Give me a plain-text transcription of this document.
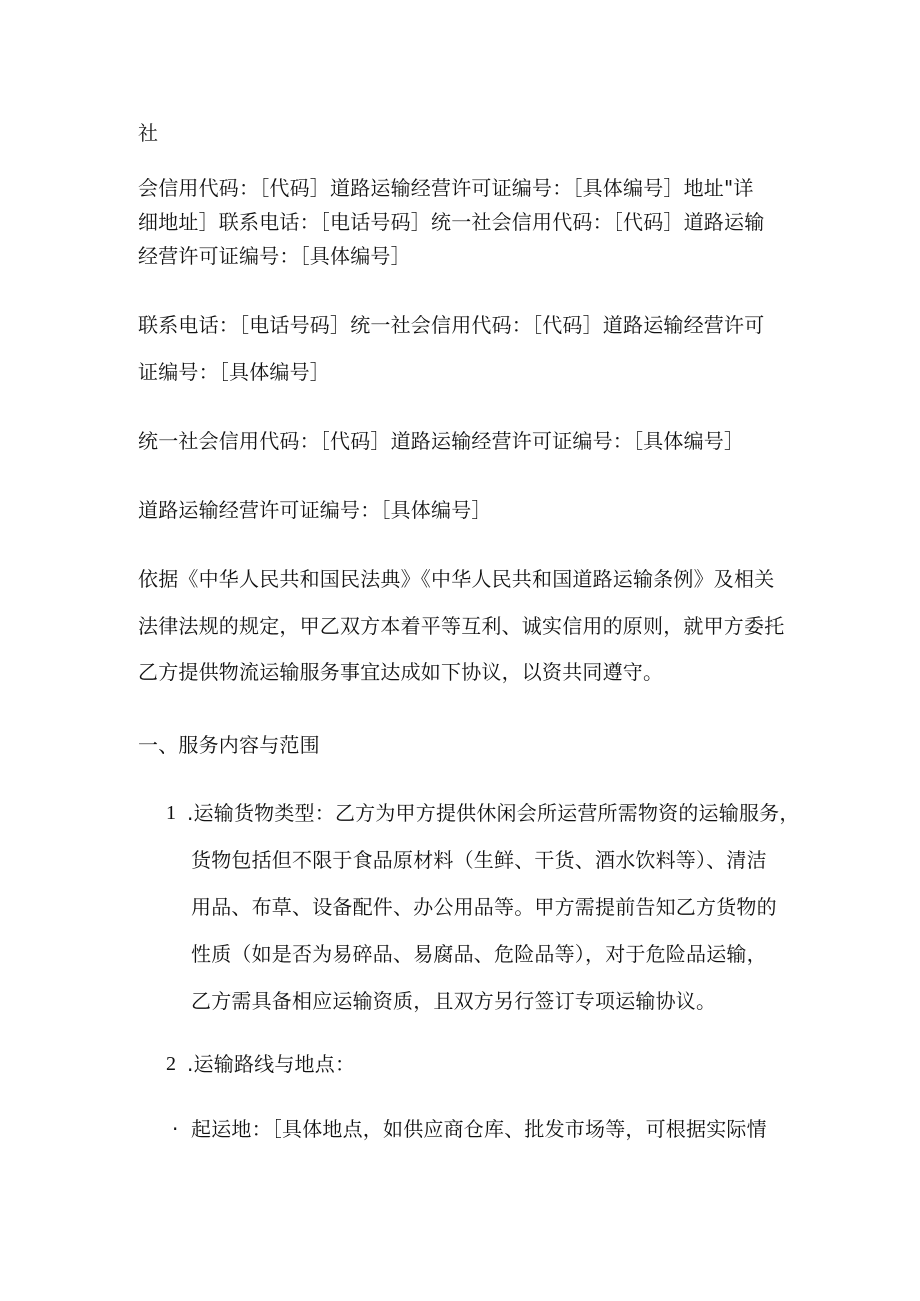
社

会信用代码：［代码］道路运输经营许可证编号：［具体编号］地址"详

细地址］联系电话：［电话号码］统一社会信用代码：［代码］道路运输

经营许可证编号：［具体编号］

联系电话：［电话号码］统一社会信用代码：［代码］道路运输经营许可

证编号：［具体编号］

统一社会信用代码：［代码］道路运输经营许可证编号：［具体编号］

道路运输经营许可证编号：［具体编号］

依据《中华人民共和国民法典》《中华人民共和国道路运输条例》及相关

法律法规的规定，甲乙双方本着平等互利、诚实信用的原则，就甲方委托

乙方提供物流运输服务事宜达成如下协议，以资共同遵守。

一、服务内容与范围

1 .运输货物类型：乙方为甲方提供休闲会所运营所需物资的运输服务，

货物包括但不限于食品原材料（生鲜、干货、酒水饮料等）、清洁

用品、布草、设备配件、办公用品等。甲方需提前告知乙方货物的

性质（如是否为易碎品、易腐品、危险品等），对于危险品运输，

乙方需具备相应运输资质，且双方另行签订专项运输协议。

2 .运输路线与地点：

· 起运地：［具体地点，如供应商仓库、批发市场等，可根据实际情
